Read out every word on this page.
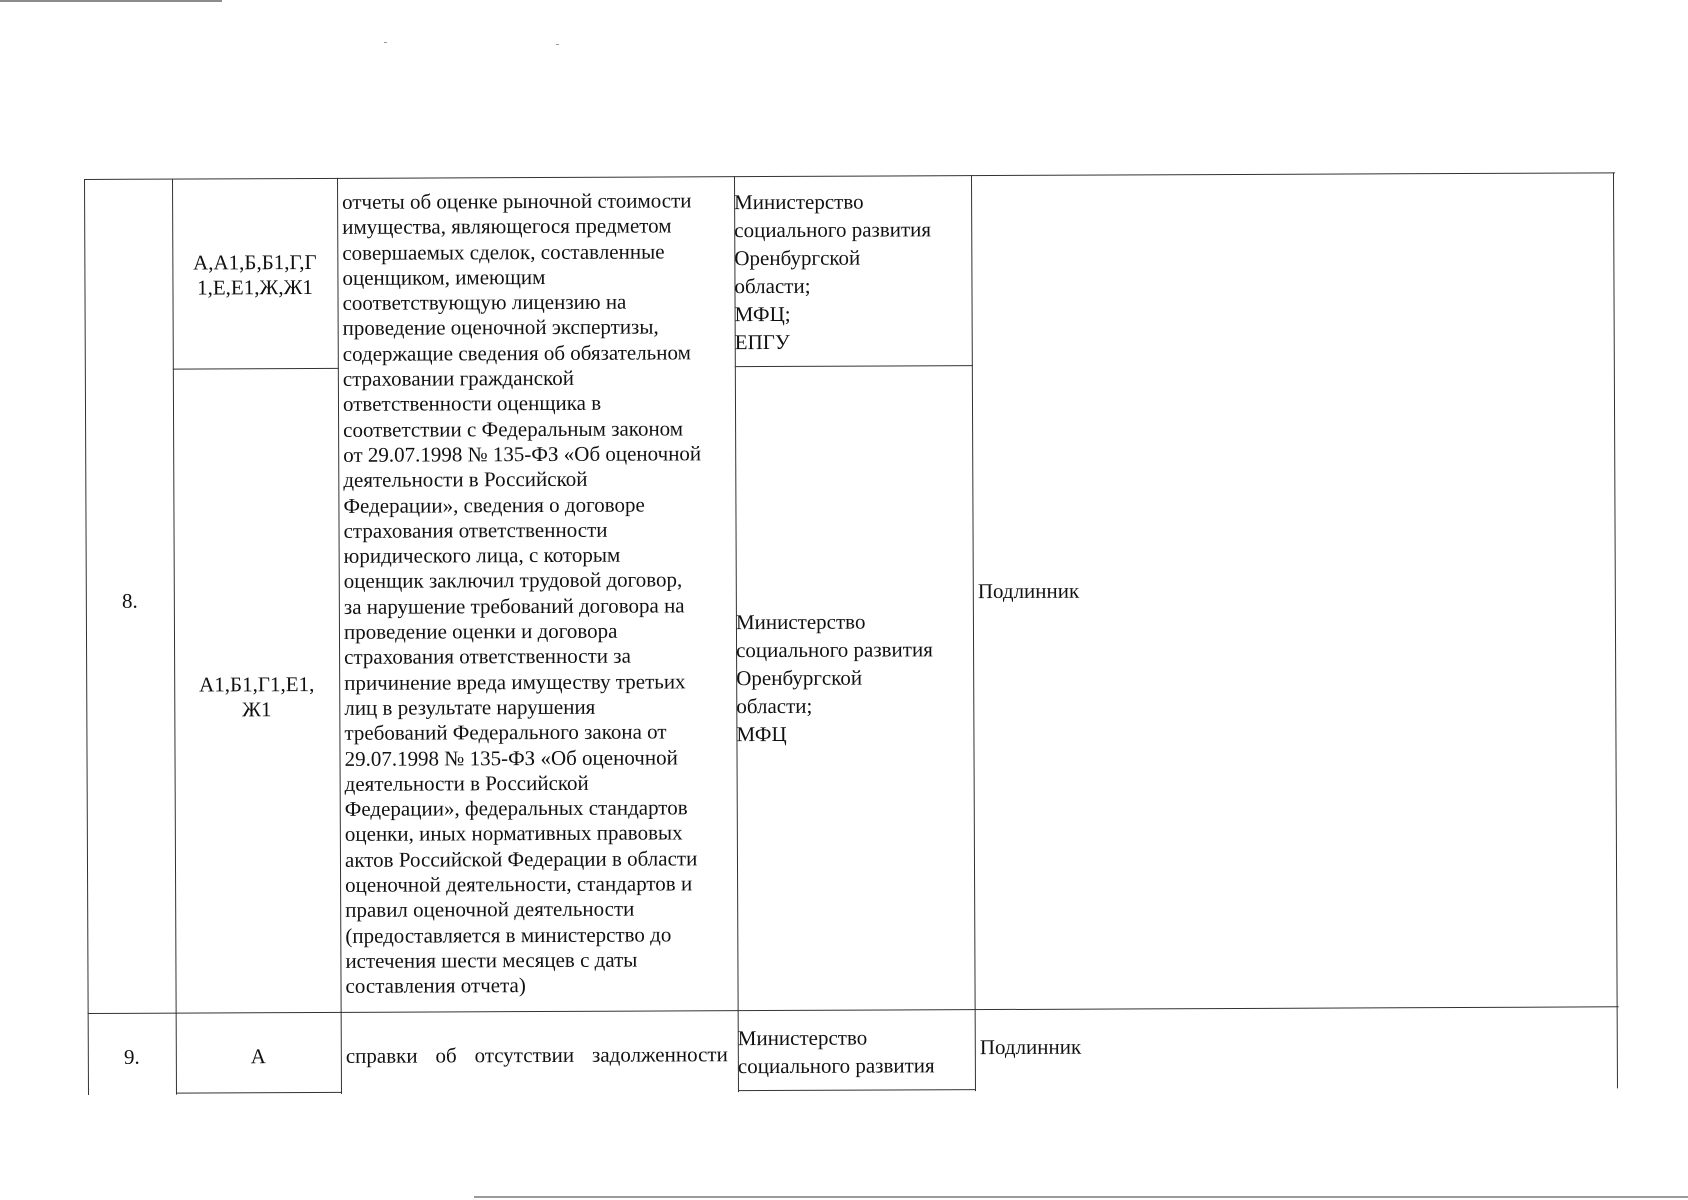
8.
А,А1,Б,Б1,Г,Г
1,Е,Е1,Ж,Ж1
А1,Б1,Г1,Е1,
Ж1
отчеты об оценке рыночной стоимости
имущества, являющегося предметом
совершаемых сделок, составленные
оценщиком, имеющим
соответствующую лицензию на
проведение оценочной экспертизы,
содержащие сведения об обязательном
страховании гражданской
ответственности оценщика в
соответствии с Федеральным законом
от 29.07.1998 № 135-ФЗ «Об оценочной
деятельности в Российской
Федерации», сведения о договоре
страхования ответственности
юридического лица, с которым
оценщик заключил трудовой договор,
за нарушение требований договора на
проведение оценки и договора
страхования ответственности за
причинение вреда имуществу третьих
лиц в результате нарушения
требований Федерального закона от
29.07.1998 № 135-ФЗ «Об оценочной
деятельности в Российской
Федерации», федеральных стандартов
оценки, иных нормативных правовых
актов Российской Федерации в области
оценочной деятельности, стандартов и
правил оценочной деятельности
(предоставляется в министерство до
истечения шести месяцев с даты
составления отчета)
Министерство
социального развития
Оренбургской
области;
МФЦ;
ЕПГУ
Министерство
социального развития
Оренбургской
области;
МФЦ
Подлинник
9.	А	справки об отсутствии задолженности
Министерство
социального развития
Подлинник
